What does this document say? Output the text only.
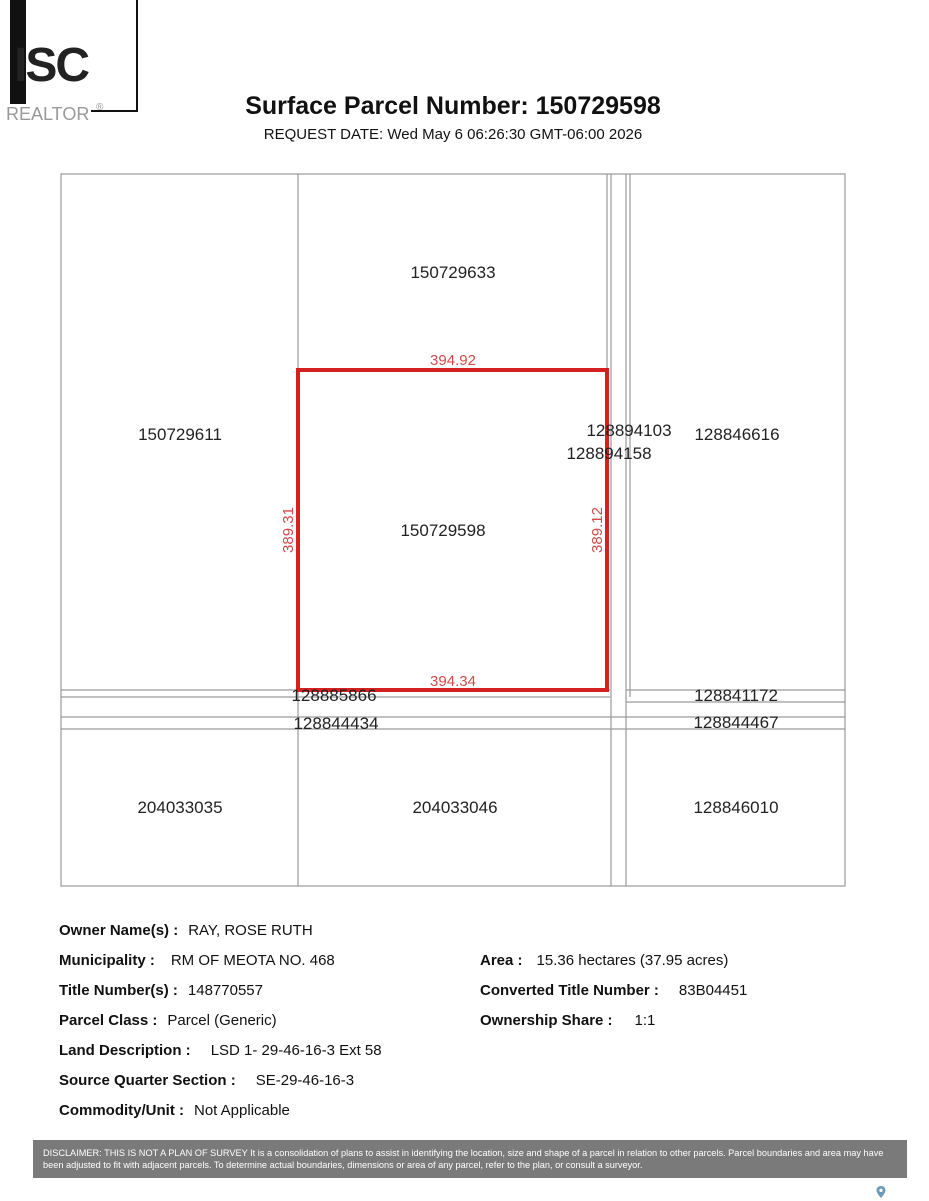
ISC
REALTOR ®	Surface Parcel Number: 150729598
REQUEST DATE: Wed May 6 06:26:30 GMT-06:00 2026
150729633
150729611
150729598
128894103
128894158
128846616
128885866
128844434
128841172
128844467
204033035	204033046	128846010
394.92
394.34
389.31	389.12
Owner Name(s) : RAY, ROSE RUTH
Municipality : RM OF MEOTA NO. 468
Title Number(s) : 148770557
Parcel Class : Parcel (Generic)
Land Description : LSD 1- 29-46-16-3 Ext 58
Source Quarter Section : SE-29-46-16-3
Commodity/Unit : Not Applicable
Area : 15.36 hectares (37.95 acres)
Converted Title Number : 83B04451
Ownership Share : 1:1
DISCLAIMER: THIS IS NOT A PLAN OF SURVEY It is a consolidation of plans to assist in identifying the location, size and shape of a parcel in relation to other parcels. Parcel boundaries and area may have been adjusted to fit with adjacent parcels. To determine actual boundaries, dimensions or area of any parcel, refer to the plan, or consult a surveyor.
